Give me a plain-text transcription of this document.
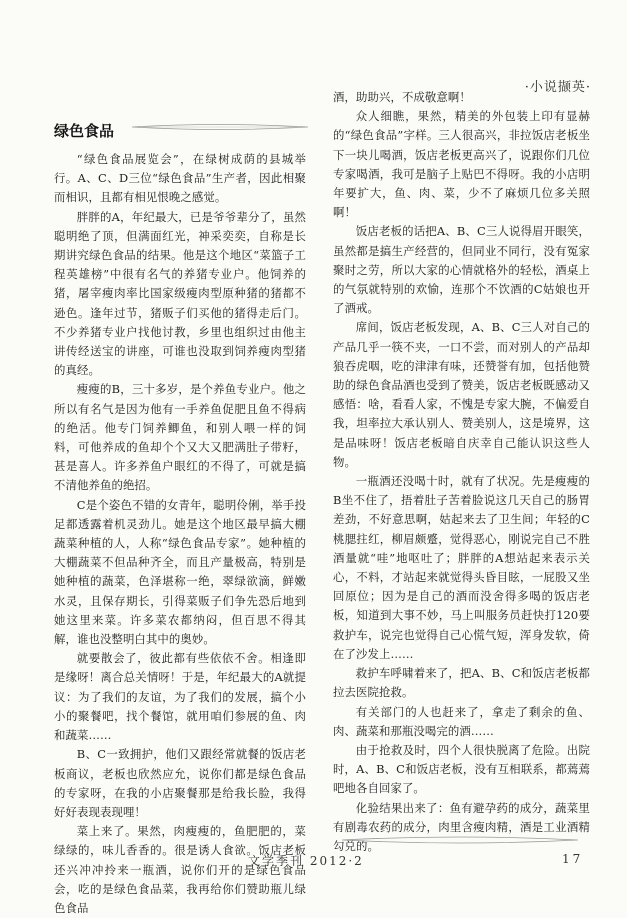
·小说撷英·
绿色食品

“绿色食品展览会”，在绿树成荫的县城举行。A、C、D三位“绿色食品”生产者，因此相聚而相识，且都有相见恨晚之感觉。

胖胖的A，年纪最大，已是爷爷辈分了，虽然聪明绝了顶，但满面红光，神采奕奕，自称是长期讲究绿色食品的结果。他是这个地区“菜篮子工程英雄榜”中很有名气的养猪专业户。他饲养的猪，屠宰瘦肉率比国家级瘦肉型原种猪的猪都不逊色。逢年过节，猪贩子们买他的猪得走后门。不少养猪专业户找他讨教，乡里也组织过由他主讲传经送宝的讲座，可谁也没取到饲养瘦肉型猪的真经。

瘦瘦的B，三十多岁，是个养鱼专业户。他之所以有名气是因为他有一手养鱼促肥且鱼不得病的绝活。他专门饲养鲫鱼，和别人喂一样的饲料，可他养成的鱼却个个又大又肥满肚子带籽，甚是喜人。许多养鱼户眼红的不得了，可就是搞不清他养鱼的绝招。

C是个姿色不错的女青年，聪明伶俐，举手投足都透露着机灵劲儿。她是这个地区最早搞大棚蔬菜种植的人，人称“绿色食品专家”。她种植的大棚蔬菜不但品种齐全，而且产量极高，特别是她种植的蔬菜，色泽堪称一绝，翠绿欲滴，鲜嫩水灵，且保存期长，引得菜贩子们争先恐后地到她这里来菜。许多菜农都纳闷，但百思不得其解，谁也没整明白其中的奥妙。

就要散会了，彼此都有些依依不舍。相逢即是缘呀！离合总关情呀！于是，年纪最大的A就提议：为了我们的友谊，为了我们的发展，搞个小小的聚餐吧，找个餐馆，就用咱们参展的鱼、肉和蔬菜……

B、C一致拥护，他们又跟经常就餐的饭店老板商议，老板也欣然应允，说你们都是绿色食品的专家呀，在我的小店聚餐那是给我长脸，我得好好表现表现哩！

菜上来了。果然，肉瘦瘦的，鱼肥肥的，菜绿绿的，味儿香香的。很是诱人食欲。饭店老板还兴冲冲拎来一瓶酒，说你们开的是绿色食品会，吃的是绿色食品菜，我再给你们赞助瓶儿绿色食品

酒，助助兴，不成敬意啊！

众人细瞧，果然，精美的外包装上印有显赫的“绿色食品”字样。三人很高兴，非拉饭店老板坐下一块儿喝酒，饭店老板更高兴了，说跟你们几位专家喝酒，我可是脑子上贴巴不得呀。我的小店明年要扩大，鱼、肉、菜，少不了麻烦几位多关照啊！

饭店老板的话把A、B、C三人说得眉开眼笑，虽然都是搞生产经营的，但同业不同行，没有冤家聚时之劳，所以大家的心情就格外的轻松，酒桌上的气氛就特别的欢愉，连那个不饮酒的C姑娘也开了酒戒。

席间，饭店老板发现，A、B、C三人对自己的产品几乎一筷不夹，一口不尝，而对别人的产品却狼吞虎咽，吃的津津有味，还赞誉有加，包括他赞助的绿色食品酒也受到了赞美，饭店老板既感动又感悟：啥，看看人家，不愧是专家大腕，不偏爱自我，坦率拉大承认别人、赞美别人，这是境界，这是品味呀！饭店老板暗自庆幸自己能认识这些人物。

一瓶酒还没喝十时，就有了状况。先是瘦瘦的B坐不住了，捂着肚子苦着脸说这几天自己的肠胃差劲，不好意思啊，姑起来去了卫生间；年轻的C桃腮拄红，柳眉颇蹙，觉得恶心，刚说完自己不胜酒量就“哇”地呕吐了；胖胖的A想站起来表示关心，不料，才站起来就觉得头昏目眩，一屁股又坐回原位；因为是自己的酒而没舍得多喝的饭店老板，知道到大事不妙，马上叫服务员赶快打120要救护车，说完也觉得自己心慌气短，浑身发软，倚在了沙发上……

救护车呼啸着来了，把A、B、C和饭店老板都拉去医院抢救。

有关部门的人也赶来了，拿走了剩余的鱼、肉、蔬菜和那瓶没喝完的酒……

由于抢救及时，四个人很快脱离了危险。出院时，A、B、C和饭店老板，没有互相联系，都蔫蔫吧地各自回家了。

化验结果出来了：鱼有避孕药的成分，蔬菜里有剧毒农药的成分，肉里含瘦肉精，酒是工业酒精勾兑的。

文学季刊 2012·2	17
